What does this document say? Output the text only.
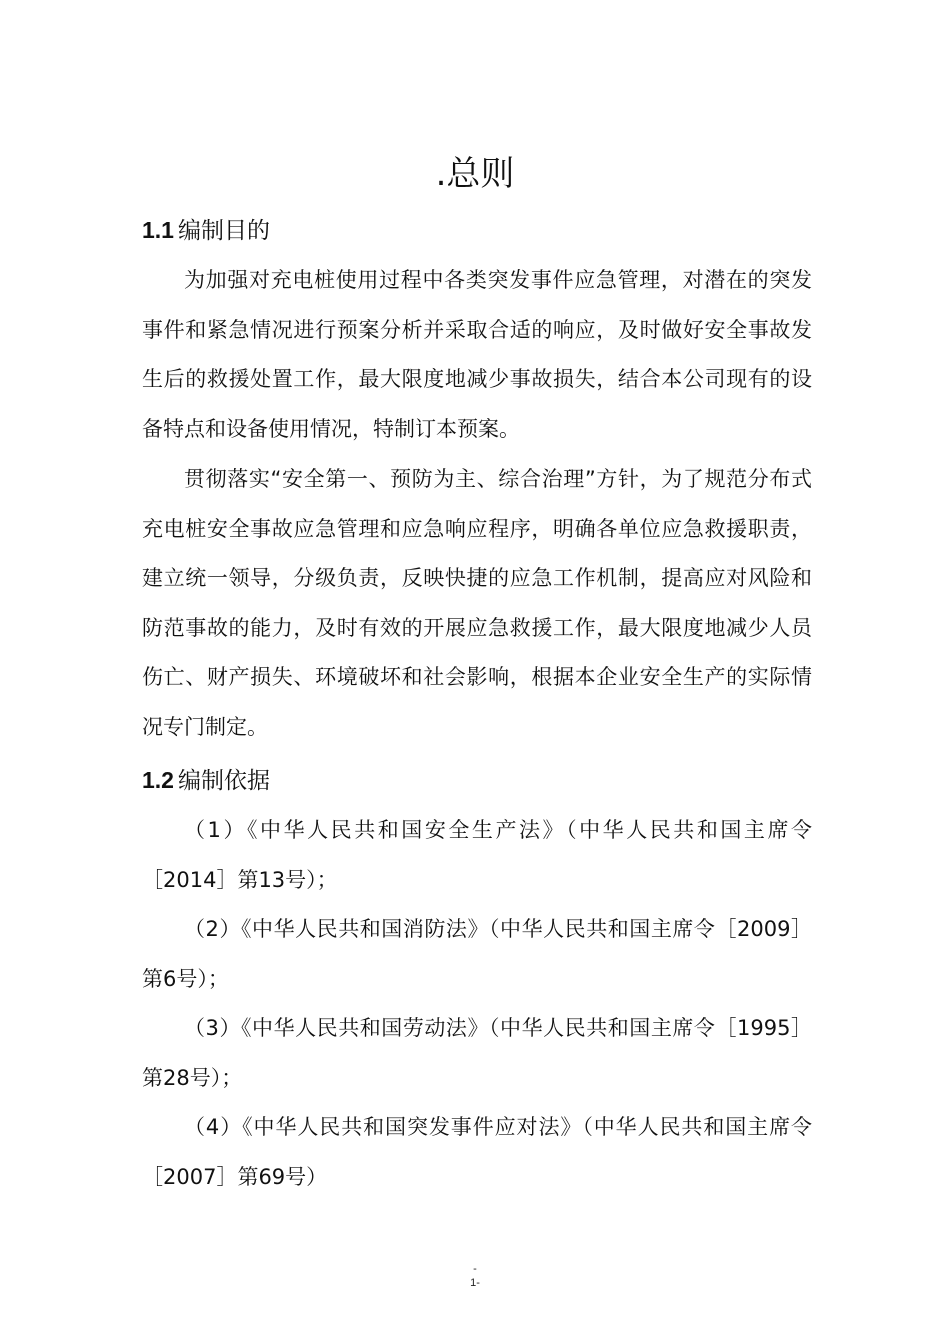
.总则
1.1 编制目的
为加强对充电桩使用过程中各类突发事件应急管理，对潜在的突发事件和紧急情况进行预案分析并采取合适的响应，及时做好安全事故发生后的救援处置工作，最大限度地减少事故损失，结合本公司现有的设备特点和设备使用情况，特制订本预案。
贯彻落实“安全第一、预防为主、综合治理”方针，为了规范分布式充电桩安全事故应急管理和应急响应程序，明确各单位应急救援职责，建立统一领导，分级负责，反映快捷的应急工作机制，提高应对风险和防范事故的能力，及时有效的开展应急救援工作，最大限度地减少人员伤亡、财产损失、环境破坏和社会影响，根据本企业安全生产的实际情况专门制定。
1.2 编制依据
（1）《中华人民共和国安全生产法》（中华人民共和国主席令［2014］第13号）；
（2）《中华人民共和国消防法》（中华人民共和国主席令［2009］第6号）；
（3）《中华人民共和国劳动法》（中华人民共和国主席令［1995］第28号）；
（4）《中华人民共和国突发事件应对法》（中华人民共和国主席令［2007］第69号）
-
1-
